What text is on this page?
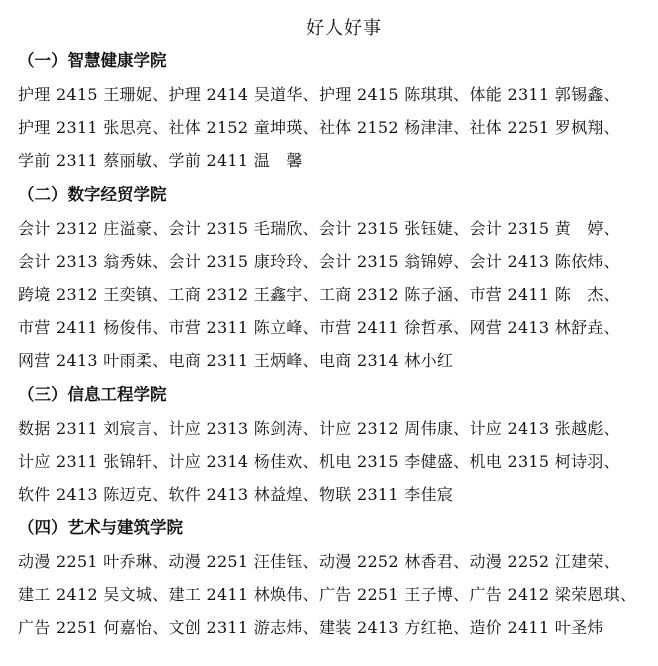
好人好事

（一）智慧健康学院

护理 2415 王珊妮、护理 2414 吴道华、护理 2415 陈琪琪、体能 2311 郭锡鑫、

护理 2311 张思亮、社体 2152 童坤瑛、社体 2152 杨津津、社体 2251 罗枫翔、

学前 2311 蔡丽敏、学前 2411 温　馨

（二）数字经贸学院

会计 2312 庄溢豪、会计 2315 毛瑞欣、会计 2315 张钰婕、会计 2315 黄　婷、

会计 2313 翁秀妹、会计 2315 康玲玲、会计 2315 翁锦婷、会计 2413 陈依炜、

跨境 2312 王奕镇、工商 2312 王鑫宇、工商 2312 陈子涵、市营 2411 陈　杰、

市营 2411 杨俊伟、市营 2311 陈立峰、市营 2411 徐哲承、网营 2413 林舒垚、

网营 2413 叶雨柔、电商 2311 王炳峰、电商 2314 林小红

（三）信息工程学院

数据 2311 刘宸言、计应 2313 陈剑涛、计应 2312 周伟康、计应 2413 张越彪、

计应 2311 张锦轩、计应 2314 杨佳欢、机电 2315 李健盛、机电 2315 柯诗羽、

软件 2413 陈迈克、软件 2413 林益煌、物联 2311 李佳宸

（四）艺术与建筑学院

动漫 2251 叶乔琳、动漫 2251 汪佳钰、动漫 2252 林香君、动漫 2252 江建荣、

建工 2412 吴文城、建工 2411 林焕伟、广告 2251 王子博、广告 2412 梁荣恩琪、

广告 2251 何嘉怡、文创 2311 游志炜、建装 2413 方红艳、造价 2411 叶圣炜
